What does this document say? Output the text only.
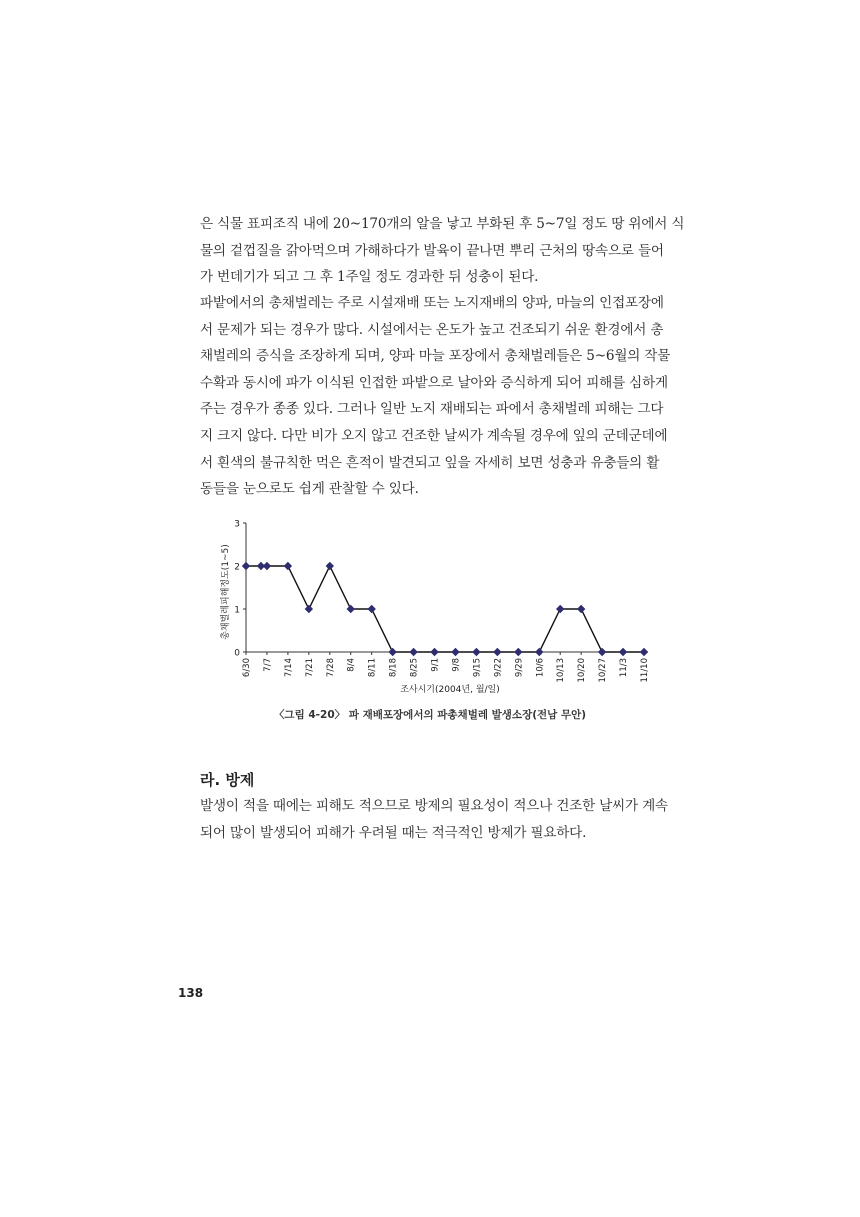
은 식물 표피조직 내에 20~170개의 알을 낳고 부화된 후 5~7일 정도 땅 위에서 식
물의 겉껍질을 갉아먹으며 가해하다가 발육이 끝나면 뿌리 근처의 땅속으로 들어
가 번데기가 되고 그 후 1주일 정도 경과한 뒤 성충이 된다.
파밭에서의 총채벌레는 주로 시설재배 또는 노지재배의 양파, 마늘의 인접포장에
서 문제가 되는 경우가 많다. 시설에서는 온도가 높고 건조되기 쉬운 환경에서 총
채벌레의 증식을 조장하게 되며, 양파 마늘 포장에서 총채벌레들은 5~6월의 작물
수확과 동시에 파가 이식된 인접한 파밭으로 날아와 증식하게 되어 피해를 심하게
주는 경우가 종종 있다. 그러나 일반 노지 재배되는 파에서 총채벌레 피해는 그다
지 크지 않다. 다만 비가 오지 않고 건조한 날씨가 계속될 경우에 잎의 군데군데에
서 흰색의 불규칙한 먹은 흔적이 발견되고 잎을 자세히 보면 성충과 유충들의 활
동들을 눈으로도 쉽게 관찰할 수 있다.
0
1
2
3
6/30 7/7 7/14 7/21 7/28 8/4 8/11 8/18 8/25 9/1 9/8 9/15 9/22 9/29 10/6 10/13 10/20 10/27 11/3 11/10
총채벌레피해정도(1~5)
조사시기(2004년, 월/일)
〈그림 4-20〉 파 재배포장에서의 파총채벌레 발생소장(전남 무안)
라. 방제
발생이 적을 때에는 피해도 적으므로 방제의 필요성이 적으나 건조한 날씨가 계속
되어 많이 발생되어 피해가 우려될 때는 적극적인 방제가 필요하다.
138
